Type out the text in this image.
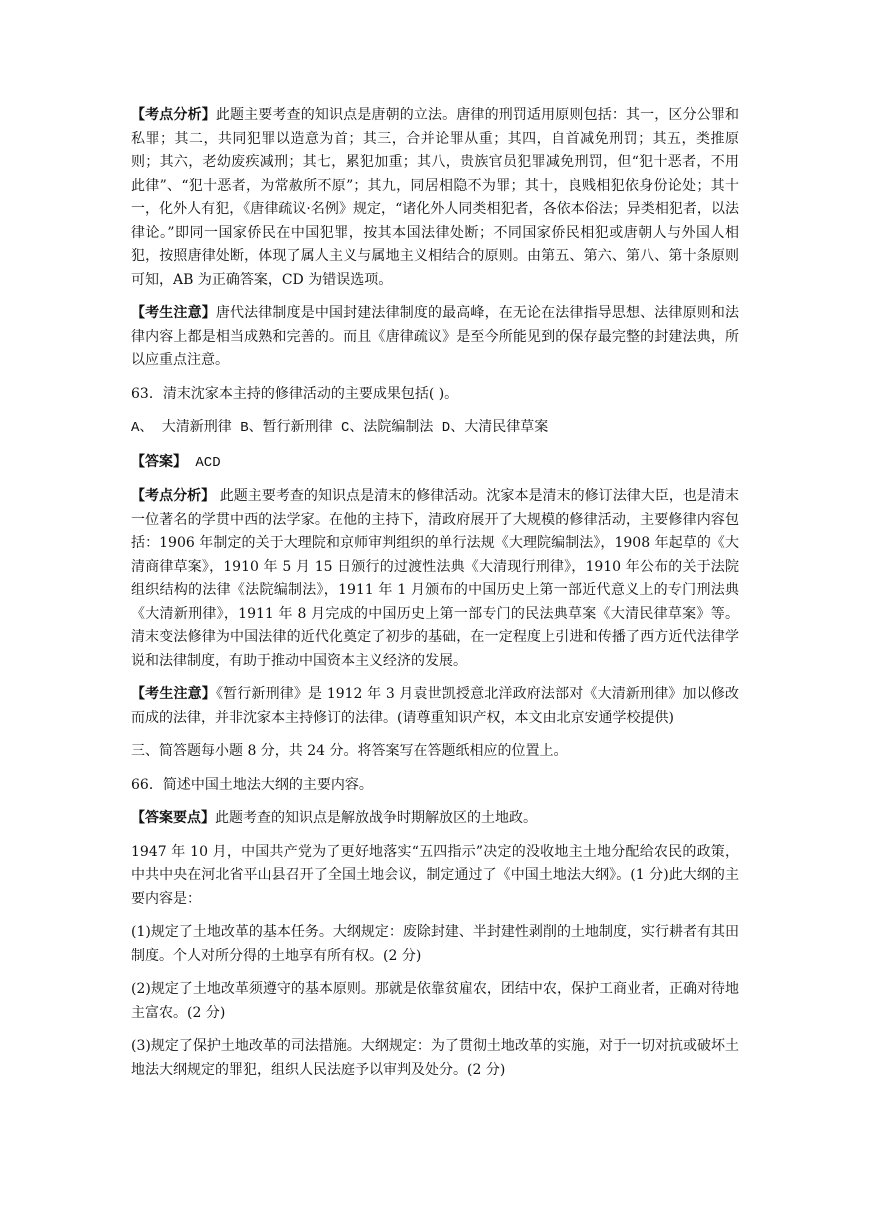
【考点分析】此题主要考查的知识点是唐朝的立法。唐律的刑罚适用原则包括：其一，区分公罪和私罪；其二，共同犯罪以造意为首；其三，合并论罪从重；其四，自首减免刑罚；其五，类推原则；其六，老幼废疾减刑；其七，累犯加重；其八，贵族官员犯罪减免刑罚，但“犯十恶者，不用此律”、“犯十恶者，为常赦所不原”；其九，同居相隐不为罪；其十，良贱相犯依身份论处；其十一，化外人有犯，《唐律疏议·名例》规定，“诸化外人同类相犯者，各依本俗法；异类相犯者，以法律论。”即同一国家侨民在中国犯罪，按其本国法律处断；不同国家侨民相犯或唐朝人与外国人相犯，按照唐律处断，体现了属人主义与属地主义相结合的原则。由第五、第六、第八、第十条原则可知，AB 为正确答案，CD 为错误选项。

【考生注意】唐代法律制度是中国封建法律制度的最高峰，在无论在法律指导思想、法律原则和法律内容上都是相当成熟和完善的。而且《唐律疏议》是至今所能见到的保存最完整的封建法典，所以应重点注意。

63．清末沈家本主持的修律活动的主要成果包括( )。

A、 大清新刑律 B、暂行新刑律 C、法院编制法 D、大清民律草案

【答案】 ACD

【考点分析】 此题主要考查的知识点是清末的修律活动。沈家本是清末的修订法律大臣，也是清末一位著名的学贯中西的法学家。在他的主持下，清政府展开了大规模的修律活动，主要修律内容包括：1906 年制定的关于大理院和京师审判组织的单行法规《大理院编制法》，1908 年起草的《大清商律草案》，1910 年 5 月 15 日颁行的过渡性法典《大清现行刑律》，1910 年公布的关于法院组织结构的法律《法院编制法》，1911 年 1 月颁布的中国历史上第一部近代意义上的专门刑法典《大清新刑律》，1911 年 8 月完成的中国历史上第一部专门的民法典草案《大清民律草案》等。清末变法修律为中国法律的近代化奠定了初步的基础，在一定程度上引进和传播了西方近代法律学说和法律制度，有助于推动中国资本主义经济的发展。

【考生注意】《暂行新刑律》是 1912 年 3 月袁世凯授意北洋政府法部对《大清新刑律》加以修改而成的法律，并非沈家本主持修订的法律。(请尊重知识产权，本文由北京安通学校提供)

三、简答题每小题 8 分，共 24 分。将答案写在答题纸相应的位置上。

66．简述中国土地法大纲的主要内容。

【答案要点】此题考查的知识点是解放战争时期解放区的土地政。

1947 年 10 月，中国共产党为了更好地落实“五四指示”决定的没收地主土地分配给农民的政策，中共中央在河北省平山县召开了全国土地会议，制定通过了《中国土地法大纲》。(1 分)此大纲的主要内容是：

(1)规定了土地改革的基本任务。大纲规定：废除封建、半封建性剥削的土地制度，实行耕者有其田制度。个人对所分得的土地享有所有权。(2 分)

(2)规定了土地改革须遵守的基本原则。那就是依靠贫雇农，团结中农，保护工商业者，正确对待地主富农。(2 分)

(3)规定了保护土地改革的司法措施。大纲规定：为了贯彻土地改革的实施，对于一切对抗或破坏土地法大纲规定的罪犯，组织人民法庭予以审判及处分。(2 分)
